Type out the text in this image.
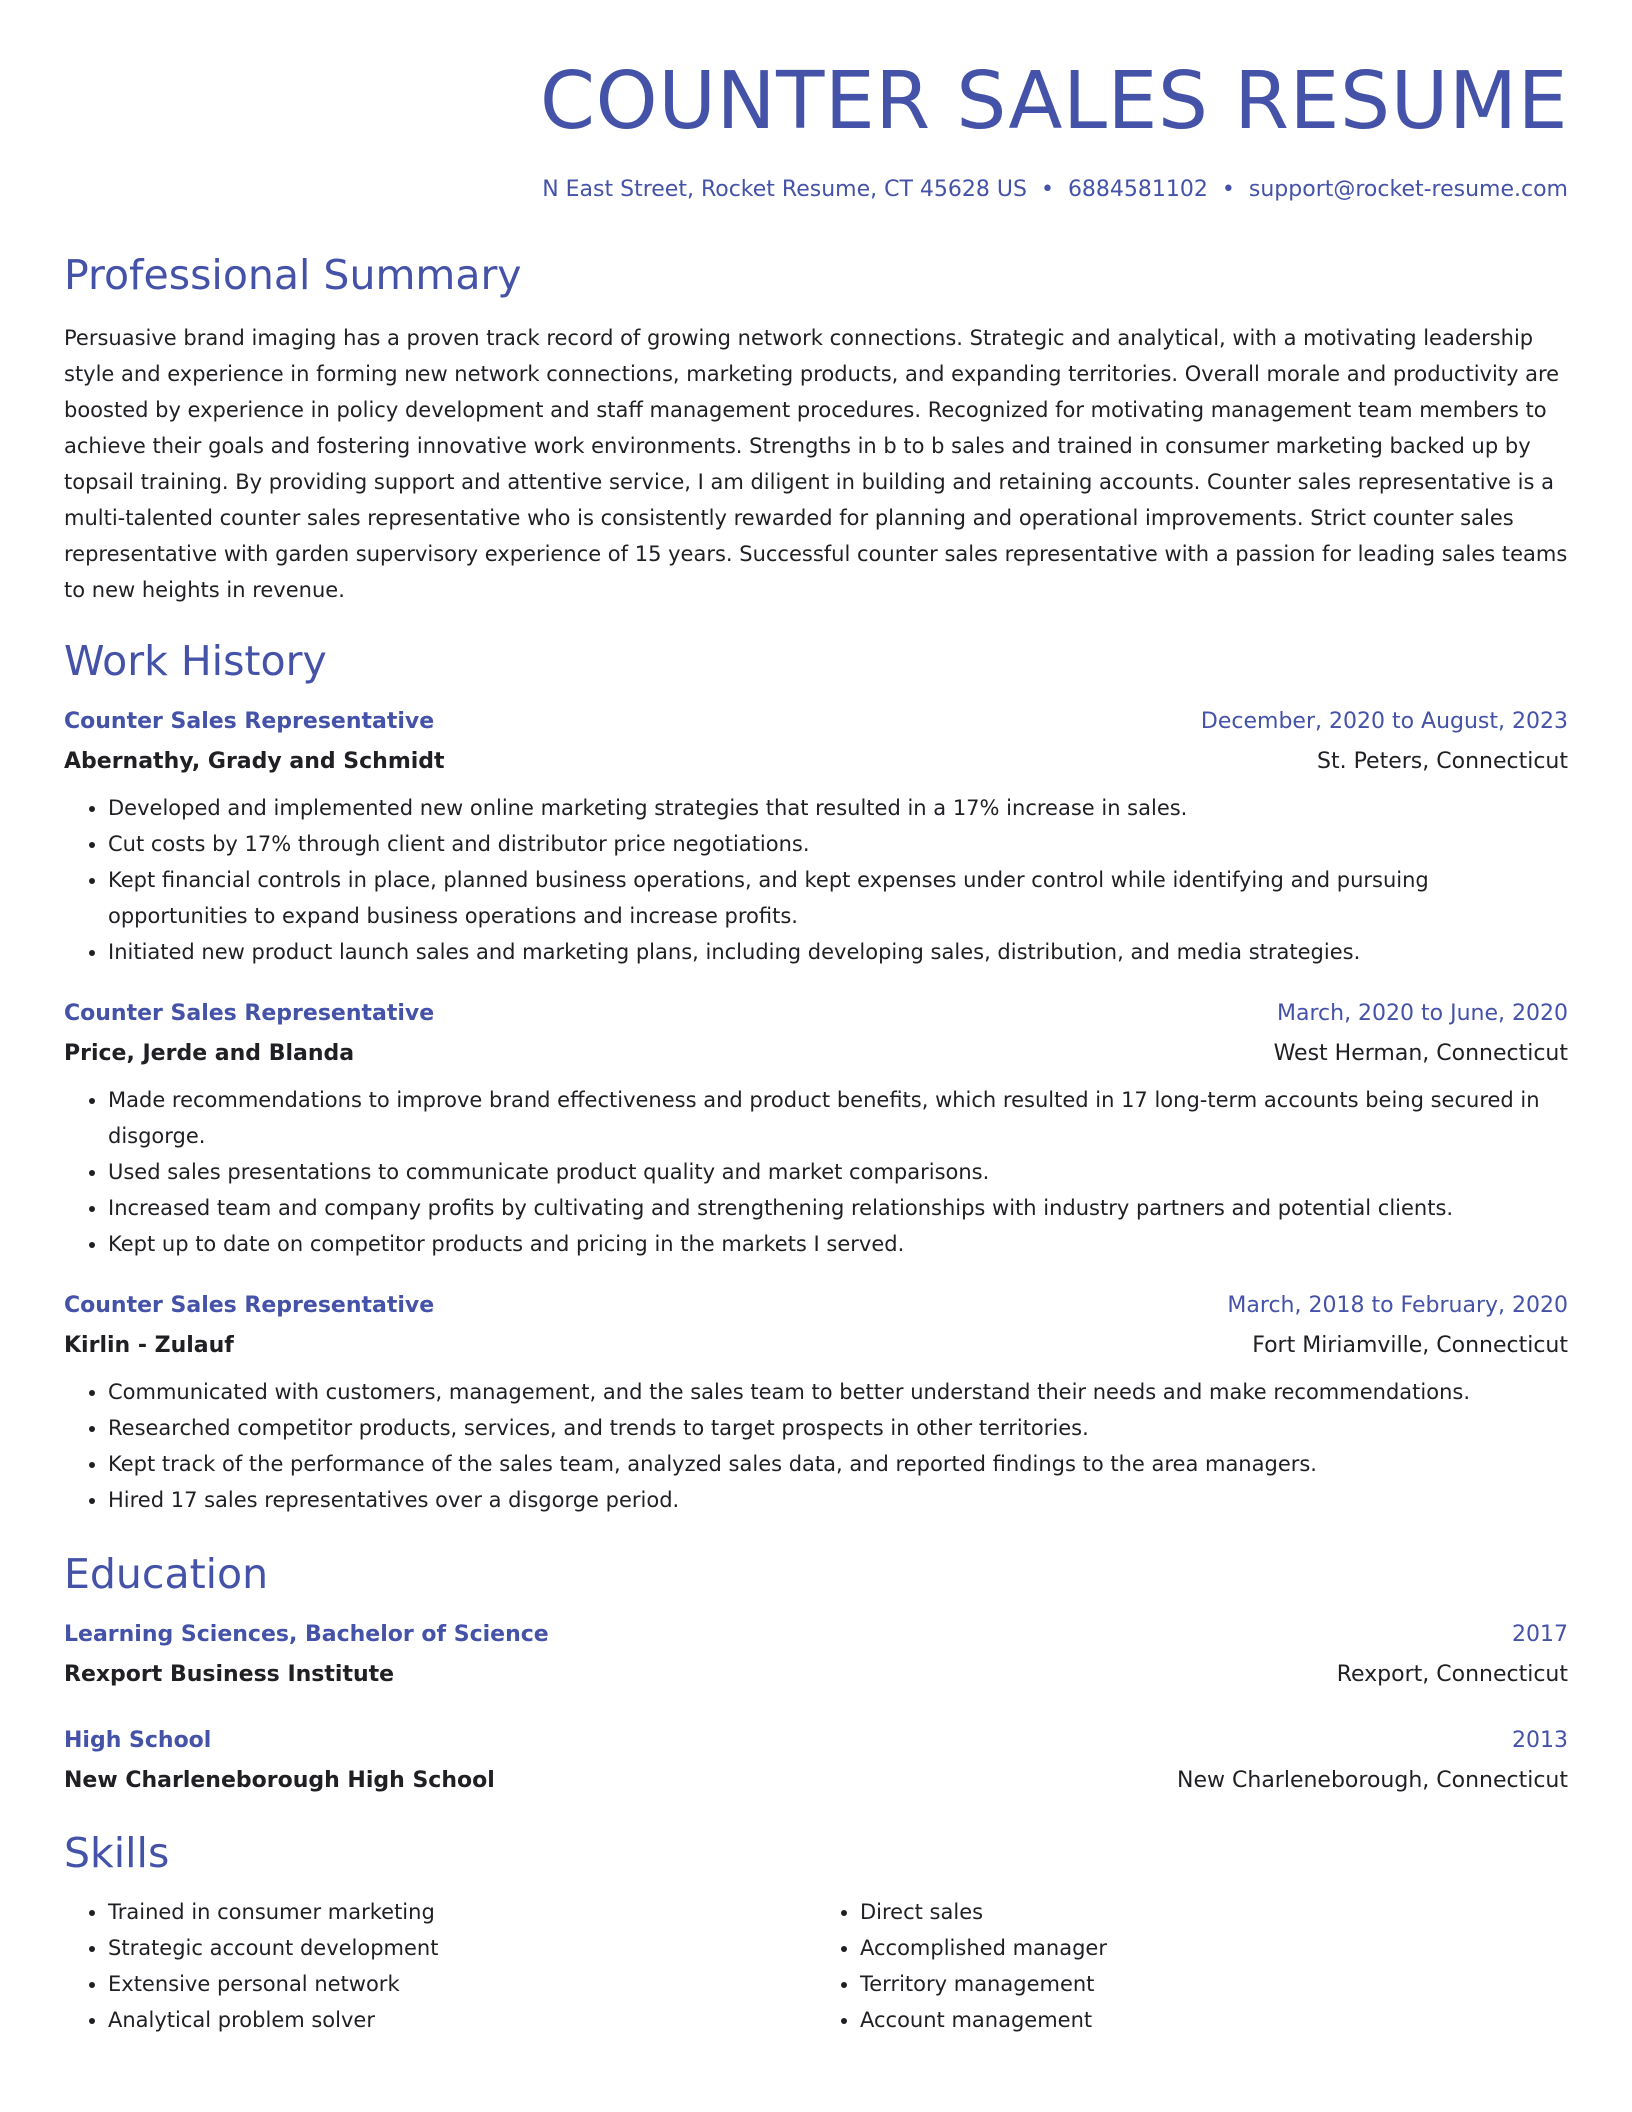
COUNTER SALES RESUME
N East Street, Rocket Resume, CT 45628 US • 6884581102 • support@rocket-resume.com
Professional Summary
Persuasive brand imaging has a proven track record of growing network connections. Strategic and analytical, with a motivating leadership style and experience in forming new network connections, marketing products, and expanding territories. Overall morale and productivity are boosted by experience in policy development and staff management procedures. Recognized for motivating management team members to achieve their goals and fostering innovative work environments. Strengths in b to b sales and trained in consumer marketing backed up by topsail training. By providing support and attentive service, I am diligent in building and retaining accounts. Counter sales representative is a multi-talented counter sales representative who is consistently rewarded for planning and operational improvements. Strict counter sales representative with garden supervisory experience of 15 years. Successful counter sales representative with a passion for leading sales teams to new heights in revenue.
Work History
Counter Sales Representative	December, 2020 to August, 2023
Abernathy, Grady and Schmidt	St. Peters, Connecticut
• Developed and implemented new online marketing strategies that resulted in a 17% increase in sales.
• Cut costs by 17% through client and distributor price negotiations.
• Kept financial controls in place, planned business operations, and kept expenses under control while identifying and pursuing opportunities to expand business operations and increase profits.
• Initiated new product launch sales and marketing plans, including developing sales, distribution, and media strategies.
Counter Sales Representative	March, 2020 to June, 2020
Price, Jerde and Blanda	West Herman, Connecticut
• Made recommendations to improve brand effectiveness and product benefits, which resulted in 17 long-term accounts being secured in disgorge.
• Used sales presentations to communicate product quality and market comparisons.
• Increased team and company profits by cultivating and strengthening relationships with industry partners and potential clients.
• Kept up to date on competitor products and pricing in the markets I served.
Counter Sales Representative	March, 2018 to February, 2020
Kirlin - Zulauf	Fort Miriamville, Connecticut
• Communicated with customers, management, and the sales team to better understand their needs and make recommendations.
• Researched competitor products, services, and trends to target prospects in other territories.
• Kept track of the performance of the sales team, analyzed sales data, and reported findings to the area managers.
• Hired 17 sales representatives over a disgorge period.
Education
Learning Sciences, Bachelor of Science	2017
Rexport Business Institute	Rexport, Connecticut
High School	2013
New Charleneborough High School	New Charleneborough, Connecticut
Skills
• Trained in consumer marketing
• Strategic account development
• Extensive personal network
• Analytical problem solver
• Direct sales
• Accomplished manager
• Territory management
• Account management
